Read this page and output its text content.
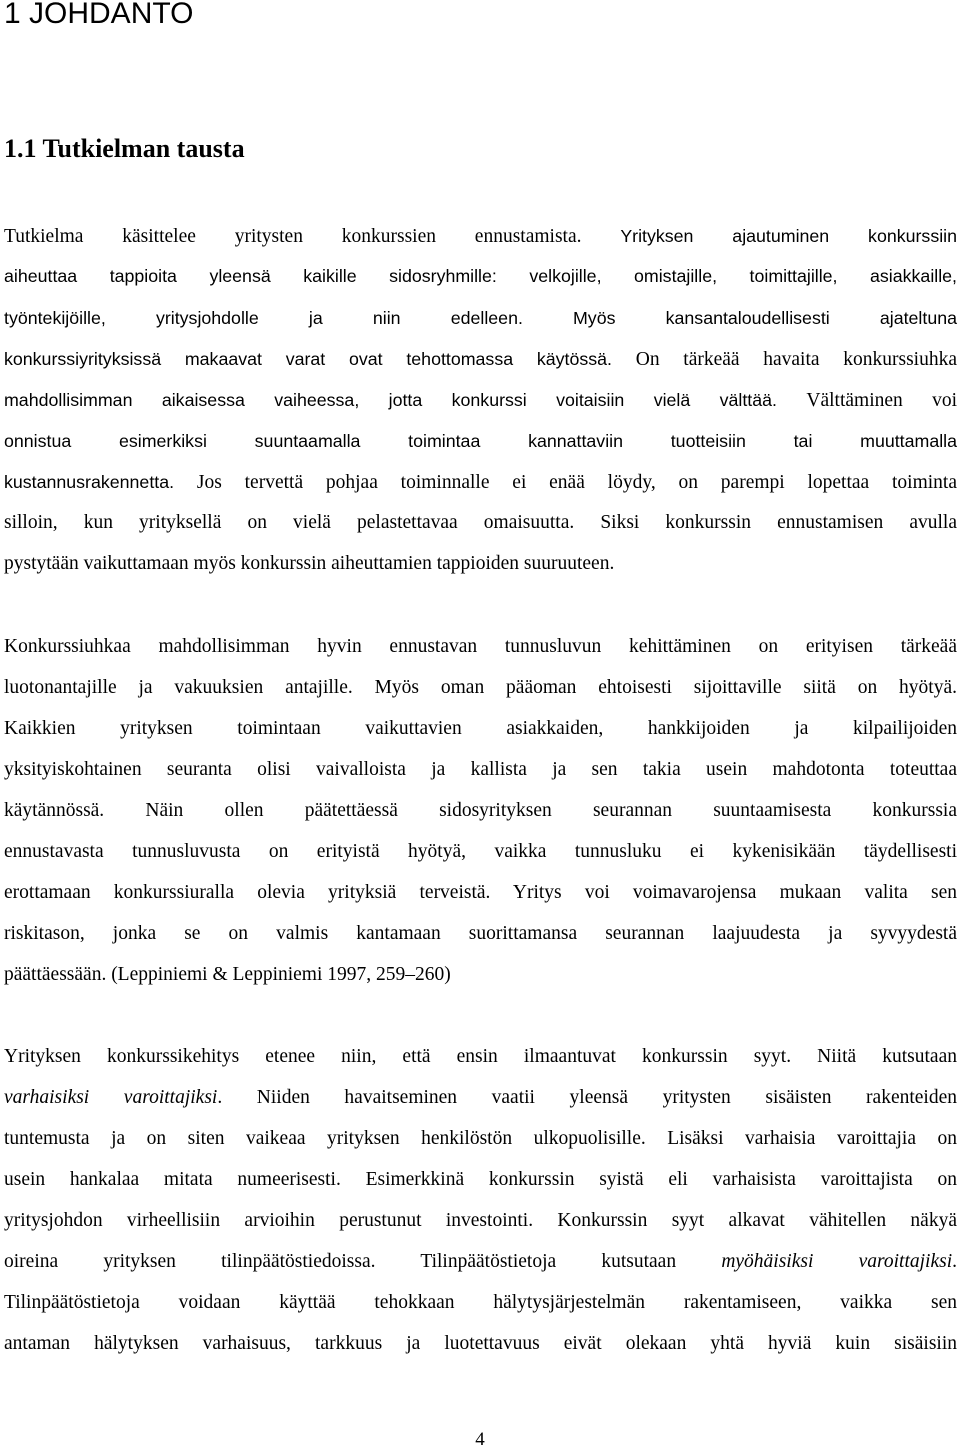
1 JOHDANTO
1.1 Tutkielman tausta
Tutkielma käsittelee yritysten konkurssien ennustamista. Yrityksen ajautuminen konkurssiin
aiheuttaa tappioita yleensä kaikille sidosryhmille: velkojille, omistajille, toimittajille, asiakkaille,
työntekijöille, yritysjohdolle ja niin edelleen.	Myös kansantaloudellisesti ajateltuna
konkurssiyrityksissä makaavat varat ovat tehottomassa käytössä. On tärkeää havaita konkurssiuhka
mahdollisimman aikaisessa vaiheessa, jotta konkurssi voitaisiin vielä välttää. Välttäminen voi
onnistua esimerkiksi suuntaamalla toimintaa kannattaviin tuotteisiin tai muuttamalla
kustannusrakennetta. Jos tervettä pohjaa toiminnalle ei enää löydy, on parempi lopettaa toiminta
silloin, kun yrityksellä on vielä pelastettavaa omaisuutta. Siksi konkurssin ennustamisen avulla
pystytään vaikuttamaan myös konkurssin aiheuttamien tappioiden suuruuteen.
Konkurssiuhkaa mahdollisimman hyvin ennustavan tunnusluvun kehittäminen on erityisen tärkeää
luotonantajille ja vakuuksien antajille. Myös oman pääoman ehtoisesti sijoittaville siitä on hyötyä.
Kaikkien yrityksen toimintaan vaikuttavien asiakkaiden, hankkijoiden ja kilpailijoiden
yksityiskohtainen seuranta olisi vaivalloista ja kallista ja sen takia usein mahdotonta toteuttaa
käytännössä. Näin ollen päätettäessä sidosyrityksen seurannan suuntaamisesta konkurssia
ennustavasta tunnusluvusta on erityistä hyötyä, vaikka tunnusluku ei kykenisikään täydellisesti
erottamaan konkurssiuralla olevia yrityksiä terveistä. Yritys voi voimavarojensa mukaan valita sen
riskitason, jonka se on valmis kantamaan suorittamansa seurannan laajuudesta ja syvyydestä
päättäessään. (Leppiniemi & Leppiniemi 1997, 259–260)
Yrityksen konkurssikehitys etenee niin, että ensin ilmaantuvat konkurssin syyt. Niitä kutsutaan
varhaisiksi varoittajiksi. Niiden havaitseminen vaatii yleensä yritysten sisäisten rakenteiden
tuntemusta ja on siten vaikeaa yrityksen henkilöstön ulkopuolisille. Lisäksi varhaisia varoittajia on
usein hankalaa mitata numeerisesti. Esimerkkinä konkurssin syistä eli varhaisista varoittajista on
yritysjohdon virheellisiin arvioihin perustunut investointi. Konkurssin syyt alkavat vähitellen näkyä
oireina yrityksen tilinpäätöstiedoissa. Tilinpäätöstietoja kutsutaan myöhäisiksi varoittajiksi.
Tilinpäätöstietoja voidaan käyttää tehokkaan hälytysjärjestelmän rakentamiseen, vaikka sen
antaman hälytyksen varhaisuus, tarkkuus ja luotettavuus eivät olekaan yhtä hyviä kuin sisäisiin
4
